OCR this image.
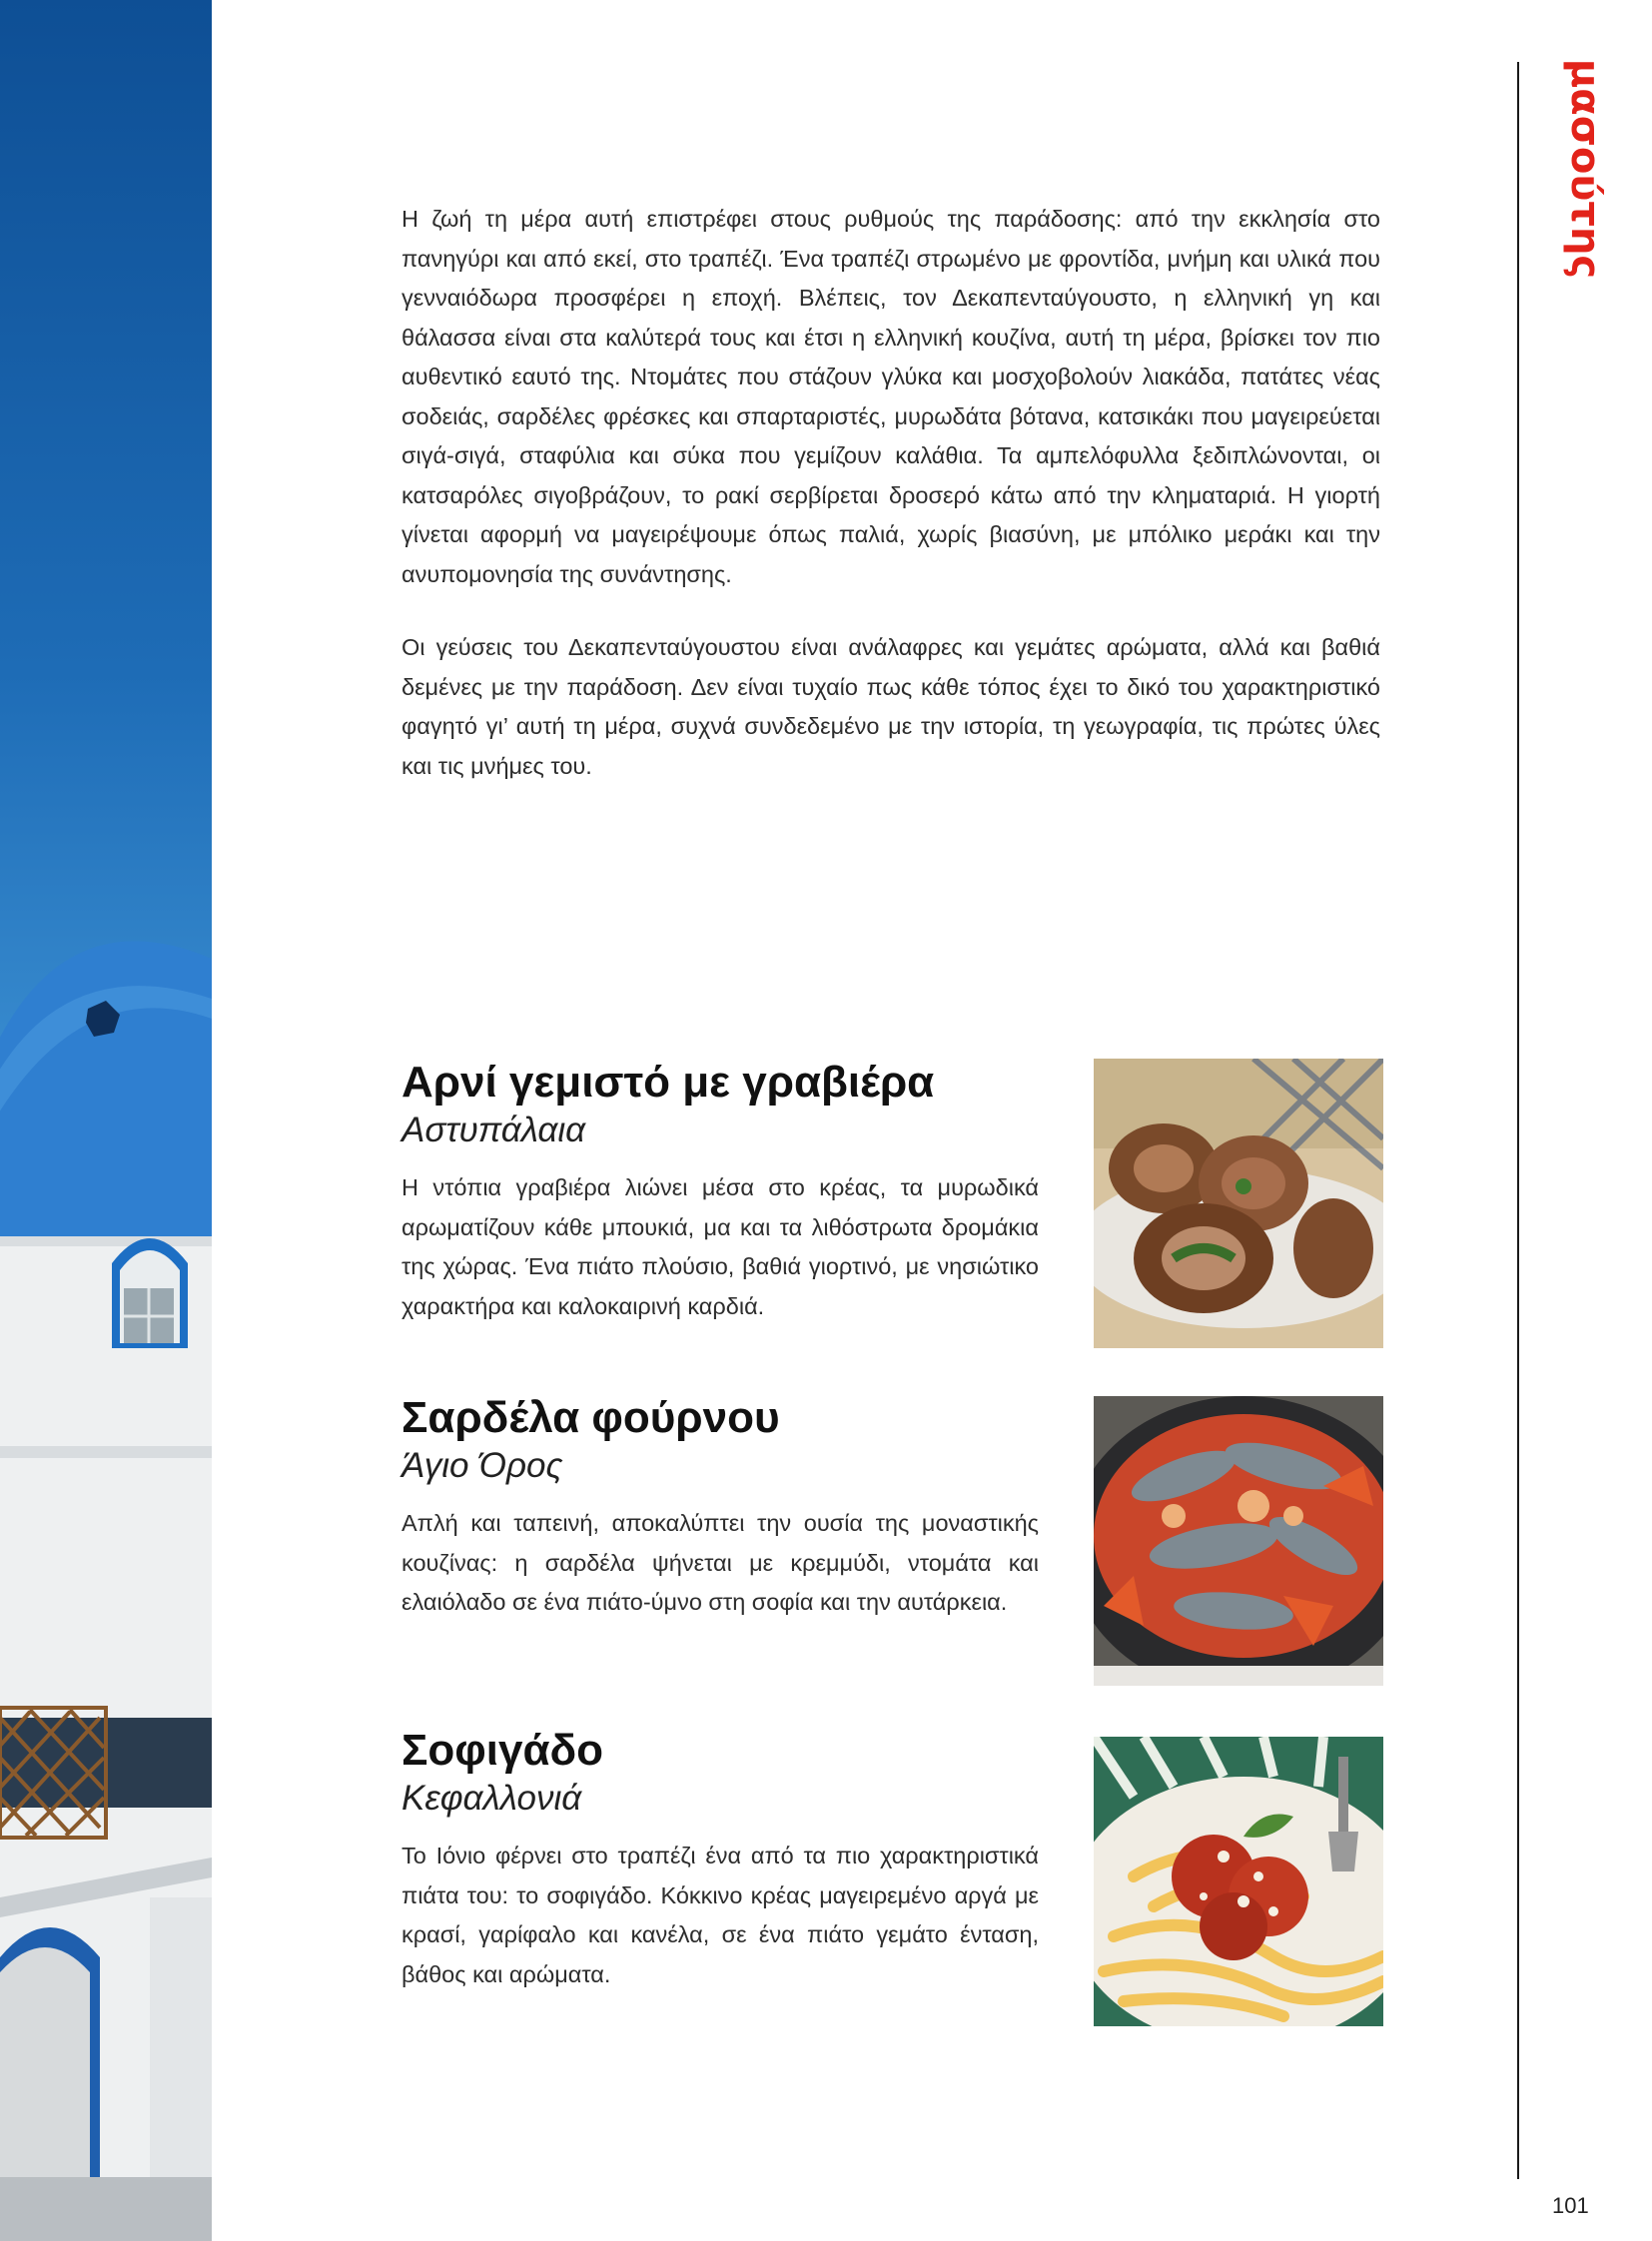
μασούτης
101

Η ζωή τη μέρα αυτή επιστρέφει στους ρυθμούς της παράδοσης: από την εκκλησία στο πανηγύρι και από εκεί, στο τραπέζι. Ένα τραπέζι στρωμένο με φροντίδα, μνήμη και υλικά που γενναιόδωρα προσφέρει η εποχή. Βλέπεις, τον Δεκαπενταύγουστο, η ελληνική γη και θάλασσα είναι στα καλύτερά τους και έτσι η ελληνική κουζίνα, αυτή τη μέρα, βρίσκει τον πιο αυθεντικό εαυτό της. Ντομάτες που στάζουν γλύκα και μοσχοβολούν λιακάδα, πατάτες νέας σοδειάς, σαρδέλες φρέσκες και σπαρταριστές, μυρωδάτα βότανα, κατσικάκι που μαγειρεύεται σιγά-σιγά, σταφύλια και σύκα που γεμίζουν καλάθια. Τα αμπελόφυλλα ξεδιπλώνονται, οι κατσαρόλες σιγοβράζουν, το ρακί σερβίρεται δροσερό κάτω από την κληματαριά. Η γιορτή γίνεται αφορμή να μαγειρέψουμε όπως παλιά, χωρίς βιασύνη, με μπόλικο μεράκι και την ανυπομονησία της συνάντησης.

Οι γεύσεις του Δεκαπενταύγουστου είναι ανάλαφρες και γεμάτες αρώματα, αλλά και βαθιά δεμένες με την παράδοση. Δεν είναι τυχαίο πως κάθε τόπος έχει το δικό του χαρακτηριστικό φαγητό γι’ αυτή τη μέρα, συχνά συνδεδεμένο με την ιστορία, τη γεωγραφία, τις πρώτες ύλες και τις μνήμες του.

Αρνί γεμιστό με γραβιέρα
Αστυπάλαια

Η ντόπια γραβιέρα λιώνει μέσα στο κρέας, τα μυρωδικά αρωματίζουν κάθε μπουκιά, μα και τα λιθόστρωτα δρομάκια της χώρας. Ένα πιάτο πλούσιο, βαθιά γιορτινό, με νησιώτικο χαρακτήρα και καλοκαιρινή καρδιά.

Σαρδέλα φούρνου
Άγιο Όρος

Απλή και ταπεινή, αποκαλύπτει την ουσία της μοναστικής κουζίνας: η σαρδέλα ψήνεται με κρεμμύδι, ντομάτα και ελαιόλαδο σε ένα πιάτο-ύμνο στη σοφία και την αυτάρκεια.

Σοφιγάδο
Κεφαλλονιά

Το Ιόνιο φέρνει στο τραπέζι ένα από τα πιο χαρακτηριστικά πιάτα του: το σοφιγάδο. Κόκκινο κρέας μαγειρεμένο αργά με κρασί, γαρίφαλο και κανέλα, σε ένα πιάτο γεμάτο ένταση, βάθος και αρώματα.
